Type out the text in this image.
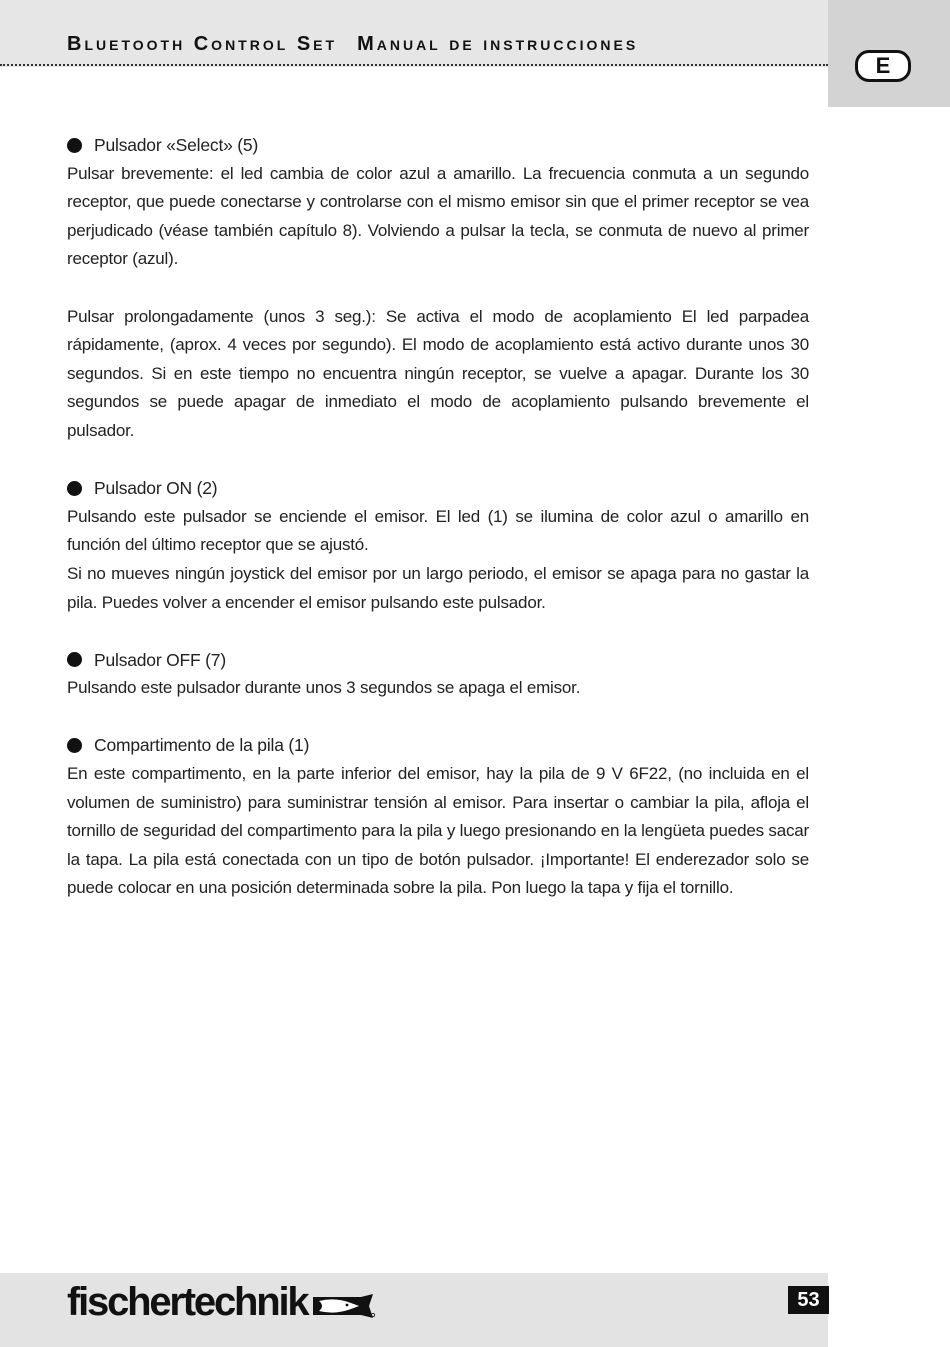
E
Bluetooth Control Set Manual de instrucciones
Pulsador «Select» (5)

Pulsar brevemente: el led cambia de color azul a amarillo. La frecuencia conmuta a un segundo receptor, que puede conectarse y controlarse con el mismo emisor sin que el primer receptor se vea perjudicado (véase también capítulo 8). Volviendo a pulsar la tecla, se conmuta de nuevo al primer receptor (azul).

Pulsar prolongadamente (unos 3 seg.): Se activa el modo de acoplamiento El led parpadea rápidamente, (aprox. 4 veces por segundo). El modo de acoplamiento está activo durante unos 30 segundos. Si en este tiempo no encuentra ningún receptor, se vuelve a apagar. Durante los 30 segundos se puede apagar de inmediato el modo de acoplamiento pulsando brevemente el pulsador.

Pulsador ON (2)

Pulsando este pulsador se enciende el emisor. El led (1) se ilumina de color azul o amarillo en función del último receptor que se ajustó.

Si no mueves ningún joystick del emisor por un largo periodo, el emisor se apaga para no gastar la pila. Puedes volver a encender el emisor pulsando este pulsador.

Pulsador OFF (7)

Pulsando este pulsador durante unos 3 segundos se apaga el emisor.

Compartimento de la pila (1)

En este compartimento, en la parte inferior del emisor, hay la pila de 9 V 6F22, (no incluida en el volumen de suministro) para suministrar tensión al emisor. Para insertar o cambiar la pila, afloja el tornillo de seguridad del compartimento para la pila y luego presionando en la lengüeta puedes sacar la tapa. La pila está conectada con un tipo de botón pulsador. ¡Importante! El enderezador solo se puede colocar en una posición determinada sobre la pila. Pon luego la tapa y fija el tornillo.

fischertechnik	53
